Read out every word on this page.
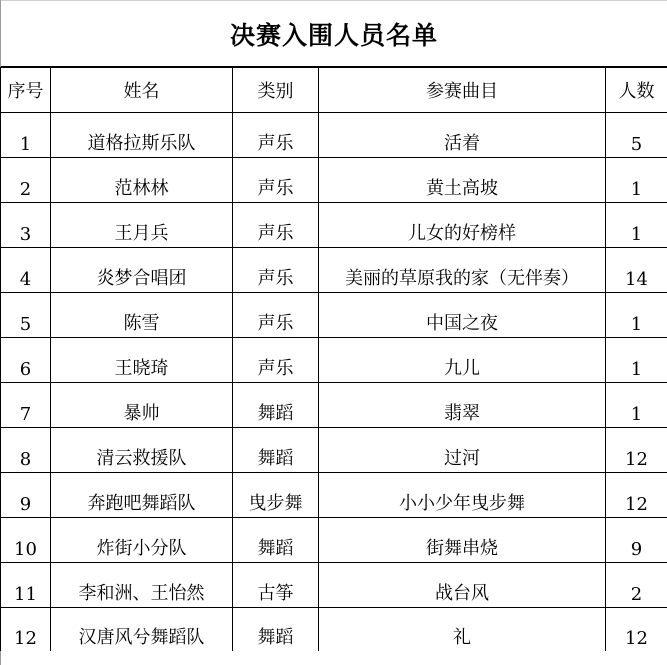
决赛入围人员名单
序号	姓名	类别	参赛曲目	人数
1	道格拉斯乐队	声乐	活着	5
2	范林林	声乐	黄土高坡	1
3	王月兵	声乐	儿女的好榜样	1
4	炎梦合唱团	声乐	美丽的草原我的家（无伴奏）	14
5	陈雪	声乐	中国之夜	1
6	王晓琦	声乐	九儿	1
7	暴帅	舞蹈	翡翠	1
8	清云救援队	舞蹈	过河	12
9	奔跑吧舞蹈队	曳步舞	小小少年曳步舞	12
10	炸街小分队	舞蹈	街舞串烧	9
11	李和洲、王怡然	古筝	战台风	2
12	汉唐风兮舞蹈队	舞蹈	礼	12
